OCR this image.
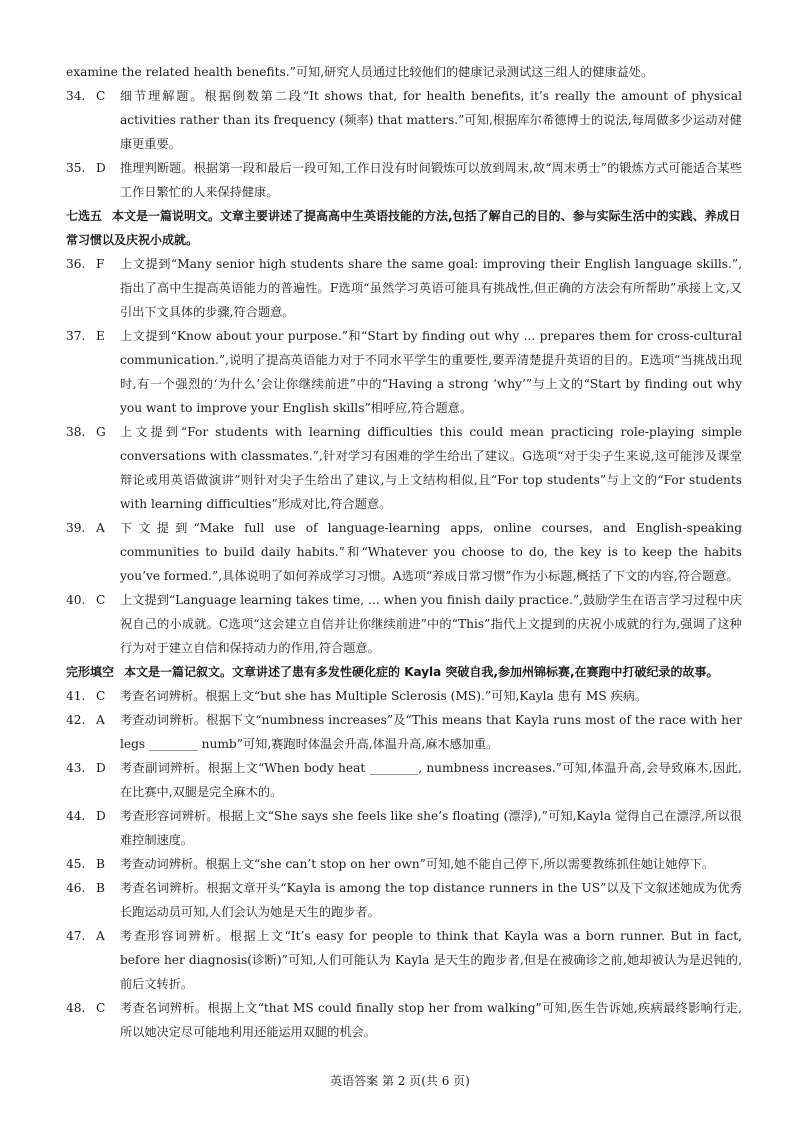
examine the related health benefits.”可知,研究人员通过比较他们的健康记录测试这三组人的健康益处。

34. C	细节理解题。根据倒数第二段“It shows that, for health benefits, it’s really the amount of physical activities rather than its frequency (频率) that matters.”可知,根据库尔希德博士的说法,每周做多少运动对健康更重要。
35. D	推理判断题。根据第一段和最后一段可知,工作日没有时间锻炼可以放到周末,故“周末勇士”的锻炼方式可能适合某些工作日繁忙的人来保持健康。

七选五 本文是一篇说明文。文章主要讲述了提高高中生英语技能的方法,包括了解自己的目的、参与实际生活中的实践、养成日常习惯以及庆祝小成就。

36. F	上文提到“Many senior high students share the same goal: improving their English language skills.”,指出了高中生提高英语能力的普遍性。F选项“虽然学习英语可能具有挑战性,但正确的方法会有所帮助”承接上文,又引出下文具体的步骤,符合题意。
37. E	上文提到“Know about your purpose.”和“Start by finding out why ... prepares them for cross-cultural communication.”,说明了提高英语能力对于不同水平学生的重要性,要弄清楚提升英语的目的。E选项“当挑战出现时,有一个强烈的‘为什么’会让你继续前进”中的“Having a strong ‘why’”与上文的“Start by finding out why you want to improve your English skills”相呼应,符合题意。
38. G	上文提到“For students with learning difficulties this could mean practicing role-playing simple conversations with classmates.”,针对学习有困难的学生给出了建议。G选项“对于尖子生来说,这可能涉及课堂辩论或用英语做演讲”则针对尖子生给出了建议,与上文结构相似,且“For top students”与上文的“For students with learning difficulties”形成对比,符合题意。
39. A	下文提到“Make full use of language-learning apps, online courses, and English-speaking communities to build daily habits.”和“Whatever you choose to do, the key is to keep the habits you’ve formed.”,具体说明了如何养成学习习惯。A选项“养成日常习惯”作为小标题,概括了下文的内容,符合题意。
40. C	上文提到“Language learning takes time, ... when you finish daily practice.”,鼓励学生在语言学习过程中庆祝自己的小成就。C选项“这会建立自信并让你继续前进”中的“This”指代上文提到的庆祝小成就的行为,强调了这种行为对于建立自信和保持动力的作用,符合题意。

完形填空 本文是一篇记叙文。文章讲述了患有多发性硬化症的 Kayla 突破自我,参加州锦标赛,在赛跑中打破纪录的故事。

41. C	考查名词辨析。根据上文“but she has Multiple Sclerosis (MS).”可知,Kayla 患有 MS 疾病。
42. A	考查动词辨析。根据下文“numbness increases”及“This means that Kayla runs most of the race with her legs ________ numb”可知,赛跑时体温会升高,体温升高,麻木感加重。
43. D	考查副词辨析。根据上文“When body heat ________, numbness increases.”可知,体温升高,会导致麻木,因此,在比赛中,双腿是完全麻木的。
44. D	考查形容词辨析。根据上文“She says she feels like she’s floating (漂浮),”可知,Kayla 觉得自己在漂浮,所以很难控制速度。
45. B	考查动词辨析。根据上文“she can’t stop on her own”可知,她不能自己停下,所以需要教练抓住她让她停下。
46. B	考查名词辨析。根据文章开头“Kayla is among the top distance runners in the US”以及下文叙述她成为优秀长跑运动员可知,人们会认为她是天生的跑步者。
47. A	考查形容词辨析。根据上文“It’s easy for people to think that Kayla was a born runner. But in fact, before her diagnosis(诊断)”可知,人们可能认为 Kayla 是天生的跑步者,但是在被确诊之前,她却被认为是迟钝的,前后文转折。
48. C	考查名词辨析。根据上文“that MS could finally stop her from walking”可知,医生告诉她,疾病最终影响行走,所以她决定尽可能地利用还能运用双腿的机会。
英语答案 第 2 页(共 6 页)
